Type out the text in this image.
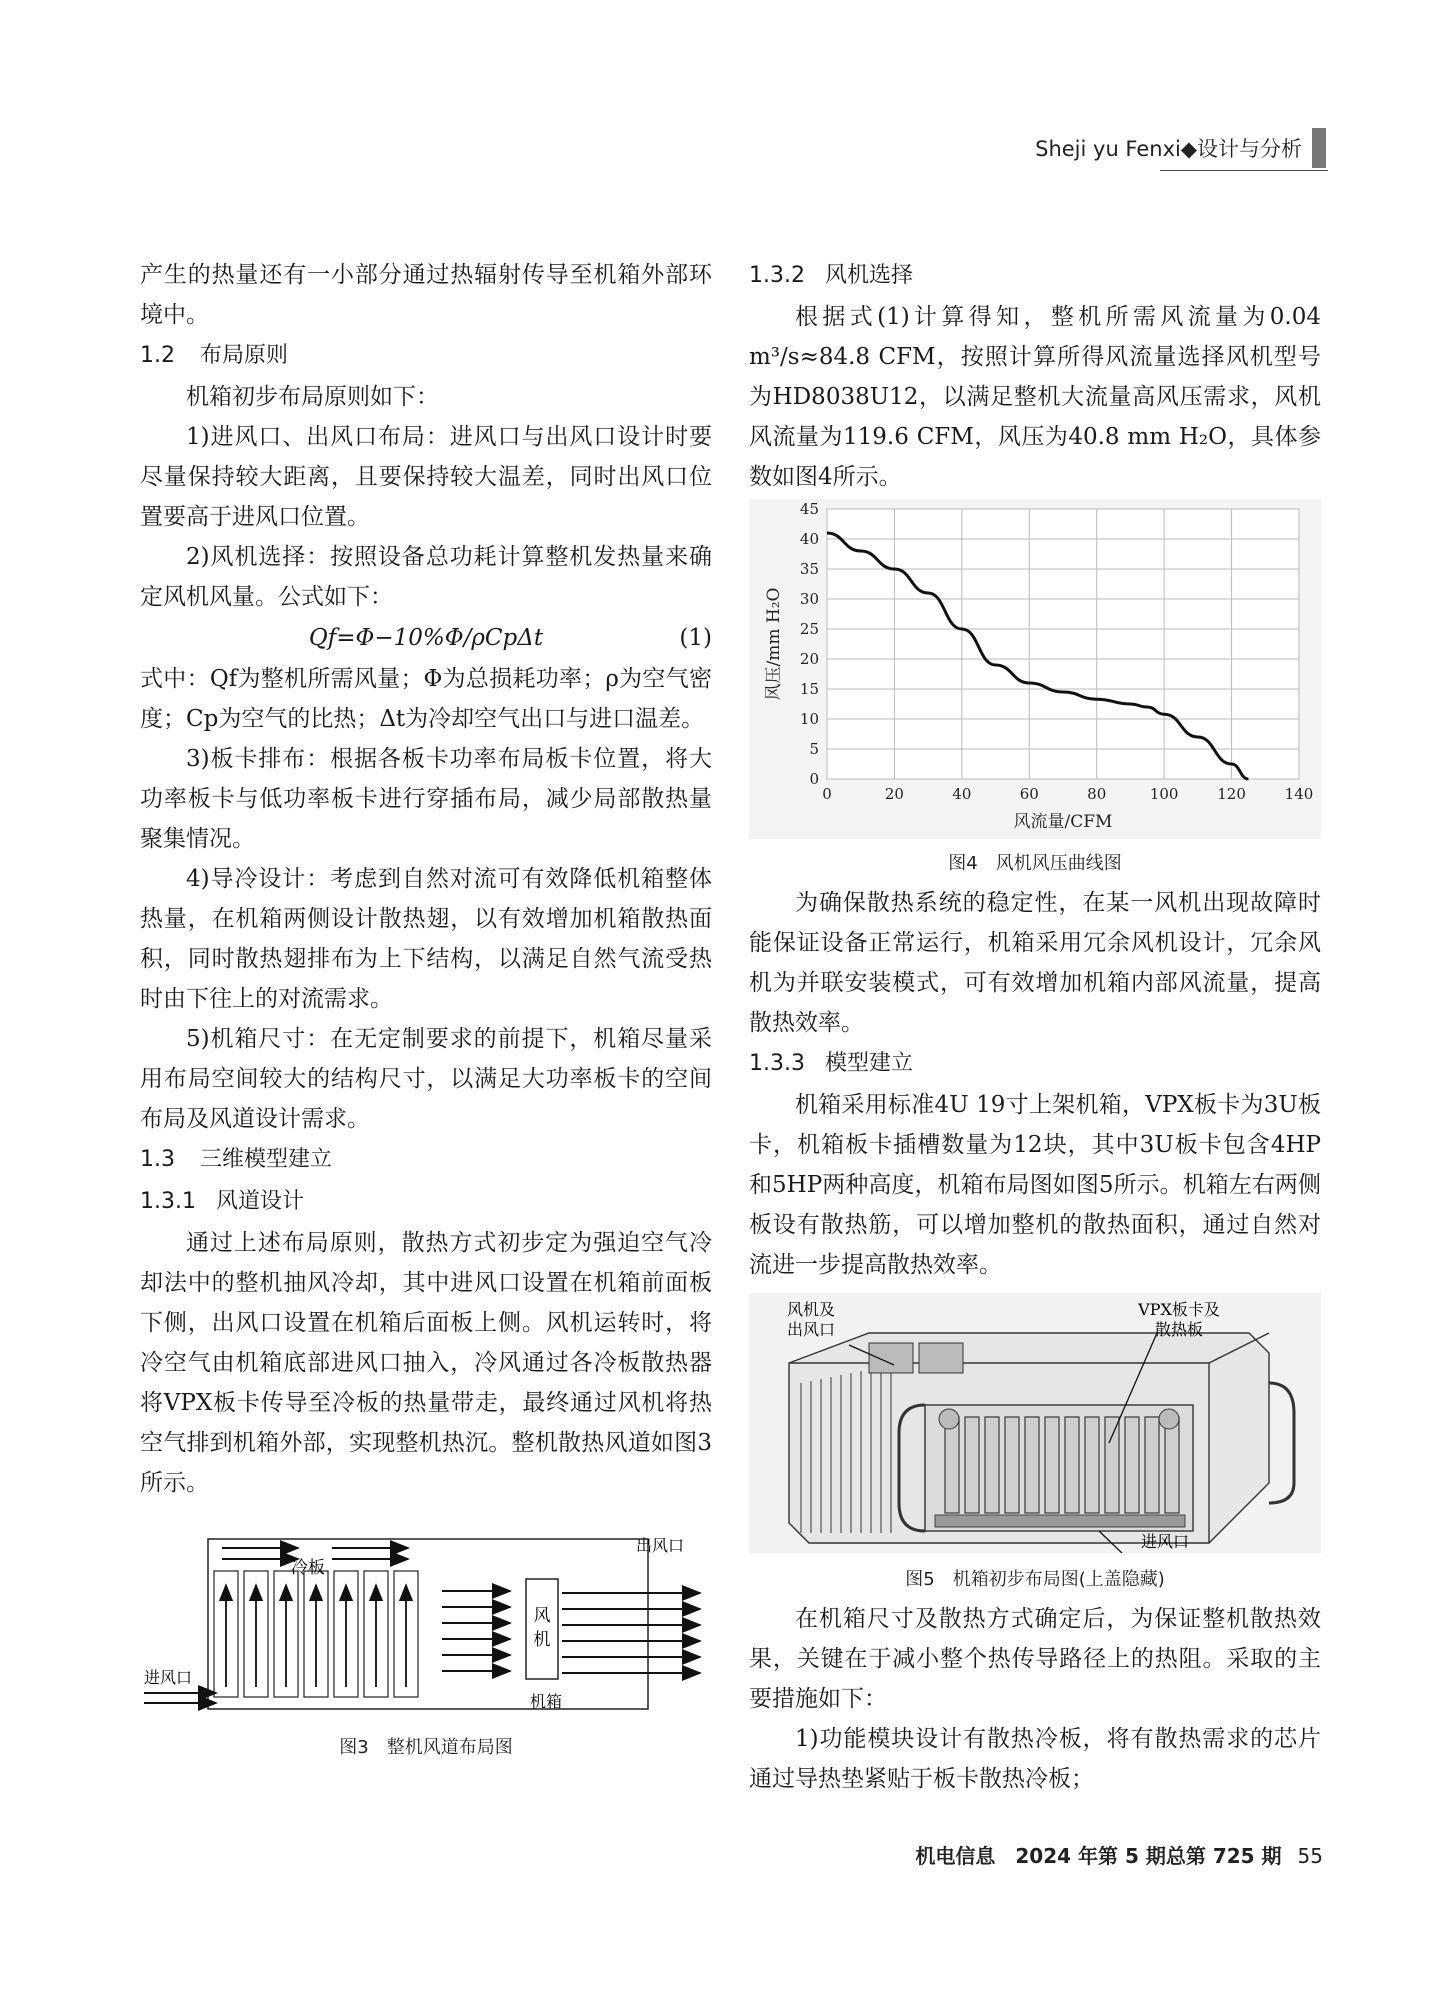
Sheji yu Fenxi◆设计与分析

产生的热量还有一小部分通过热辐射传导至机箱外部环境中。

1.2 布局原则

机箱初步布局原则如下：

1)进风口、出风口布局：进风口与出风口设计时要尽量保持较大距离，且要保持较大温差，同时出风口位置要高于进风口位置。

2)风机选择：按照设备总功耗计算整机发热量来确定风机风量。公式如下：

Qf=Φ−10%Φ/ρCpΔt	(1)

式中：Qf为整机所需风量；Φ为总损耗功率；ρ为空气密度；Cp为空气的比热；Δt为冷却空气出口与进口温差。

3)板卡排布：根据各板卡功率布局板卡位置，将大功率板卡与低功率板卡进行穿插布局，减少局部散热量聚集情况。

4)导冷设计：考虑到自然对流可有效降低机箱整体热量，在机箱两侧设计散热翅，以有效增加机箱散热面积，同时散热翅排布为上下结构，以满足自然气流受热时由下往上的对流需求。

5)机箱尺寸：在无定制要求的前提下，机箱尽量采用布局空间较大的结构尺寸，以满足大功率板卡的空间布局及风道设计需求。

1.3 三维模型建立

1.3.1 风道设计

通过上述布局原则，散热方式初步定为强迫空气冷却法中的整机抽风冷却，其中进风口设置在机箱前面板下侧，出风口设置在机箱后面板上侧。风机运转时，将冷空气由机箱底部进风口抽入，冷风通过各冷板散热器将VPX板卡传导至冷板的热量带走，最终通过风机将热空气排到机箱外部，实现整机热沉。整机散热风道如图3所示。

冷板
风
机
出风口
进风口
机箱
图3　整机风道布局图

1.3.2 风机选择

根据式(1)计算得知，整机所需风流量为0.04 m³/s≈84.8 CFM，按照计算所得风流量选择风机型号为HD8038U12，以满足整机大流量高风压需求，风机风流量为119.6 CFM，风压为40.8 mm H₂O，具体参数如图4所示。

0
5
10
15
20
25
30
35
40
45
0	20	40	60	80	100	120	140
风流量/CFM
风压/mm H₂O
图4　风机风压曲线图

为确保散热系统的稳定性，在某一风机出现故障时能保证设备正常运行，机箱采用冗余风机设计，冗余风机为并联安装模式，可有效增加机箱内部风流量，提高散热效率。

1.3.3 模型建立

机箱采用标准4U 19寸上架机箱，VPX板卡为3U板卡，机箱板卡插槽数量为12块，其中3U板卡包含4HP和5HP两种高度，机箱布局图如图5所示。机箱左右两侧板设有散热筋，可以增加整机的散热面积，通过自然对流进一步提高散热效率。

风机及
出风口
VPX板卡及
散热板
进风口
图5　机箱初步布局图(上盖隐藏)

在机箱尺寸及散热方式确定后，为保证整机散热效果，关键在于减小整个热传导路径上的热阻。采取的主要措施如下：

1)功能模块设计有散热冷板，将有散热需求的芯片通过导热垫紧贴于板卡散热冷板；

机电信息　2024 年第 5 期总第 725 期 55
